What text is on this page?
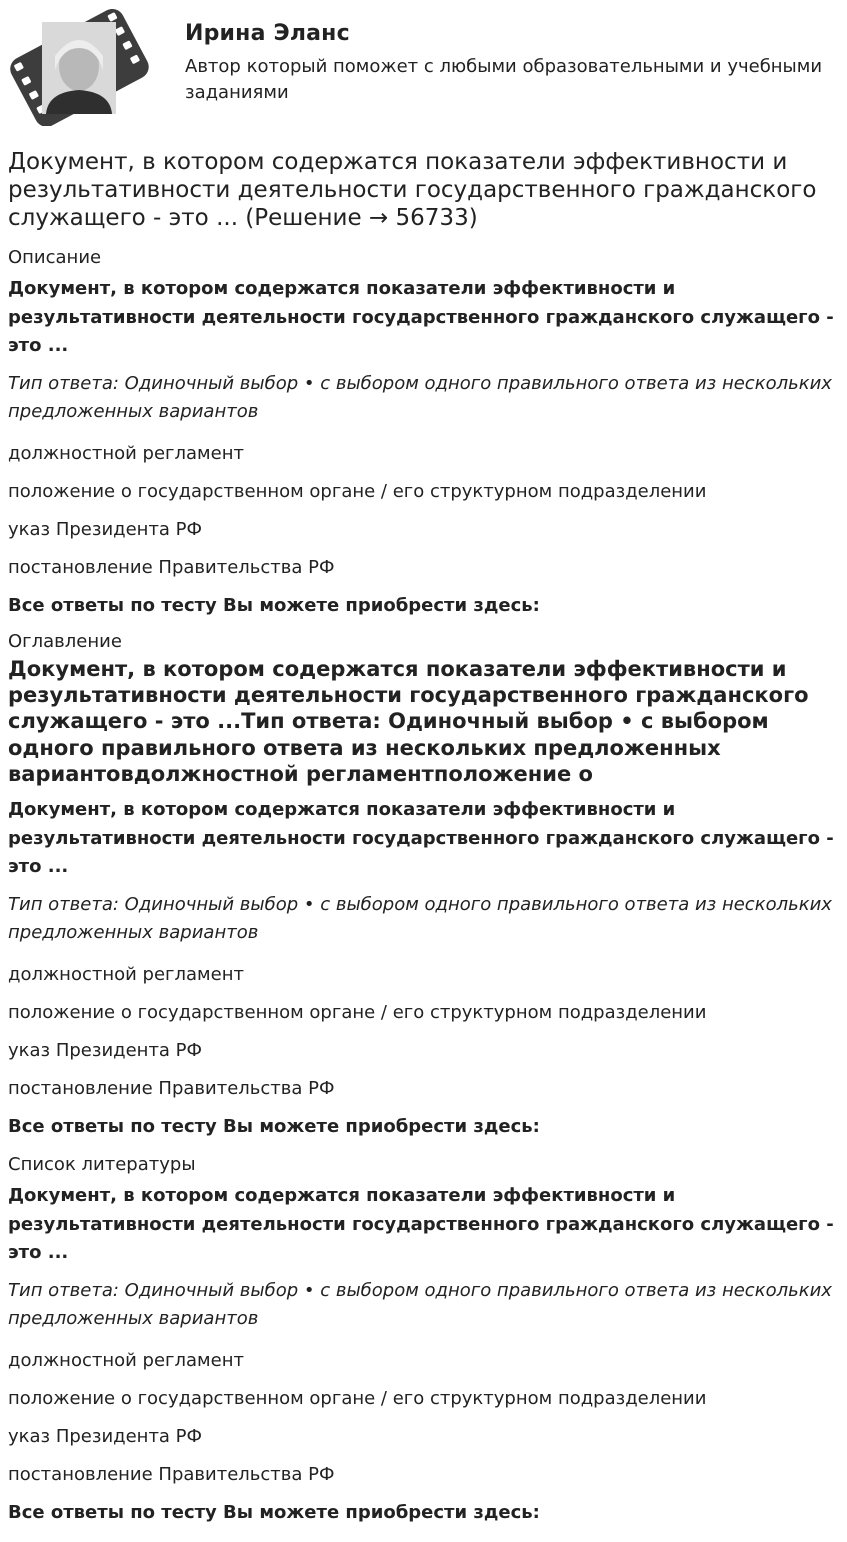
Ирина Эланс
Автор который поможет с любыми образовательными и учебными заданиями
Документ, в котором содержатся показатели эффективности и результативности деятельности государственного гражданского служащего - это ... (Решение → 56733)

Описание

Документ, в котором содержатся показатели эффективности и результативности деятельности государственного гражданского служащего - это ...

Тип ответа: Одиночный выбор • с выбором одного правильного ответа из нескольких предложенных вариантов

должностной регламент

положение о государственном органе / его структурном подразделении

указ Президента РФ

постановление Правительства РФ

Все ответы по тесту Вы можете приобрести здесь:

Оглавление

Документ, в котором содержатся показатели эффективности и результативности деятельности государственного гражданского служащего - это ...Тип ответа: Одиночный выбор • с выбором одного правильного ответа из нескольких предложенных вариантовдолжностной регламентположение о

Документ, в котором содержатся показатели эффективности и результативности деятельности государственного гражданского служащего - это ...

Тип ответа: Одиночный выбор • с выбором одного правильного ответа из нескольких предложенных вариантов

должностной регламент

положение о государственном органе / его структурном подразделении

указ Президента РФ

постановление Правительства РФ

Все ответы по тесту Вы можете приобрести здесь:

Список литературы

Документ, в котором содержатся показатели эффективности и результативности деятельности государственного гражданского служащего - это ...

Тип ответа: Одиночный выбор • с выбором одного правильного ответа из нескольких предложенных вариантов

должностной регламент

положение о государственном органе / его структурном подразделении

указ Президента РФ

постановление Правительства РФ

Все ответы по тесту Вы можете приобрести здесь:
